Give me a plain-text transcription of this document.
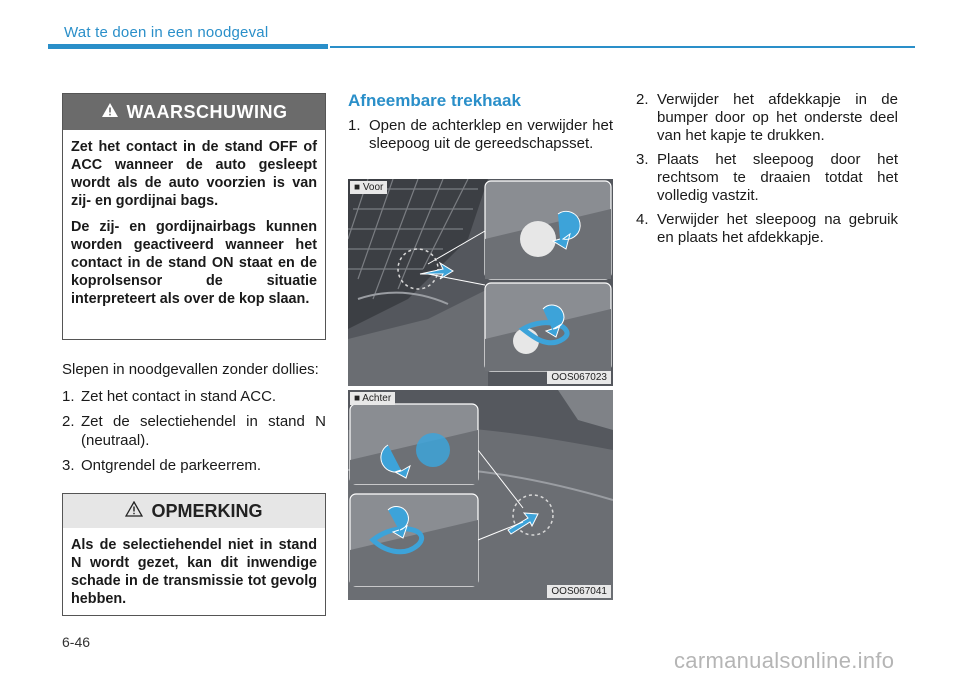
Wat te doen in een noodgeval
WAARSCHUWING

Zet het contact in de stand OFF of ACC wanneer de auto gesleept wordt als de auto voorzien is van zij- en gordijnai bags.

De zij- en gordijnairbags kunnen worden geactiveerd wanneer het contact in de stand ON staat en de koprolsensor de situatie interpreteert als over de kop slaan.

Slepen in noodgevallen zonder dollies:

1. Zet het contact in stand ACC.
2. Zet de selectiehendel in stand N (neutraal).
3. Ontgrendel de parkeerrem.
OPMERKING
Als de selectiehendel niet in stand N wordt gezet, kan dit inwendige schade in de transmissie tot gevolg hebben.
Afneembare trekhaak
1. Open de achterklep en verwijder het sleepoog uit de gereedschapsset.
■ Voor
OOS067023
■ Achter
OOS067041
2. Verwijder het afdekkapje in de bumper door op het onderste deel van het kapje te drukken.
3. Plaats het sleepoog door het rechtsom te draaien totdat het volledig vastzit.
4. Verwijder het sleepoog na gebruik en plaats het afdekkapje.
6-46
carmanualsonline.info
